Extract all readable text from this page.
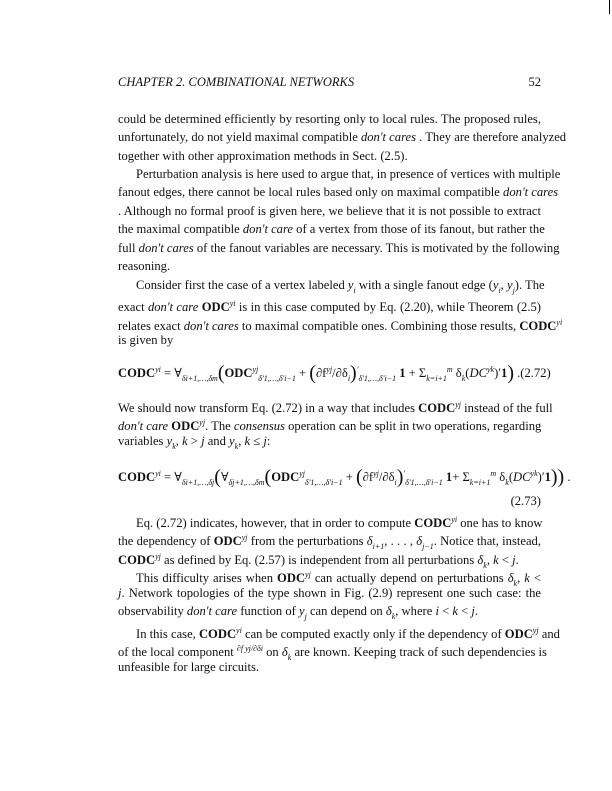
CHAPTER 2. COMBINATIONAL NETWORKS	52
could be determined efficiently by resorting only to local rules. The proposed rules,
unfortunately, do not yield maximal compatible don't cares . They are therefore analyzed
together with other approximation methods in Sect. (2.5).
Perturbation analysis is here used to argue that, in presence of vertices with multiple
fanout edges, there cannot be local rules based only on maximal compatible don't cares
. Although no formal proof is given here, we believe that it is not possible to extract
the maximal compatible don't care of a vertex from those of its fanout, but rather the
full don't cares of the fanout variables are necessary. This is motivated by the following
reasoning.
Consider first the case of a vertex labeled $y_i$ with a single fanout edge ($y_i$, $y_j$). The
exact don't care $ODC^{yi}$ is in this case computed by Eq. (2.20), while Theorem (2.5)
relates exact don't cares to maximal compatible ones. Combining those results, $CODC^{yi}$
is given by
We should now transform Eq. (2.72) in a way that includes $CODC^{yj}$ instead of the full
don't care $ODC^{yj}$. The consensus operation can be split in two operations, regarding
variables $y_k$, k > j and $y_k$, k ≤ j:
Eq. (2.72) indicates, however, that in order to compute $CODC^{yi}$ one has to know
the dependency of $ODC^{yj}$ from the perturbations $\delta_{i+1}$, . . . , $\delta_{j-1}$. Notice that, instead,
$CODC^{yj}$ as defined by Eq. (2.57) is independent from all perturbations $\delta_k$, k < j.
This difficulty arises when $ODC^{yj}$ can actually depend on perturbations $\delta_k$, k <
j. Network topologies of the type shown in Fig. (2.9) represent one such case: the
observability don't care function of $y_j$ can depend on $\delta_k$, where i < k < j.
In this case, $CODC^{yi}$ can be computed exactly only if the dependency of $ODC^{yj}$ and
of the local component $^{\partial f yj/\partial\delta i}$ on $\delta_k$ are known. Keeping track of such dependencies is
unfeasible for large circuits.
$CODC^{yi}$ = $\forall_{\delta i+1,\dots,\delta m}(ODC^{yj}_{\delta'1,\dots,\delta'i-1} + (\partial f^{yj}/\partial\delta_i)'_{\delta'1,\dots,\delta'i-1}$ $1 + \Sigma_{k=i+1}^m$ $\delta_k(DC^{yk})'1$) . (2.72)
$CODC^{yi}$ = $\forall_{\delta i+1,\dots,\delta j}(\forall_{\delta j+1,\dots,\delta m}(ODC^{yj}_{\delta'1,\dots,\delta'i-1} + (\partial f^{yj}/\partial\delta_i)'_{\delta'1,\dots,\delta'i-1}$ $1+ \Sigma_{k=i+1}^m$ $\delta_k(DC^{yk})'1$)) .
(2.73)
